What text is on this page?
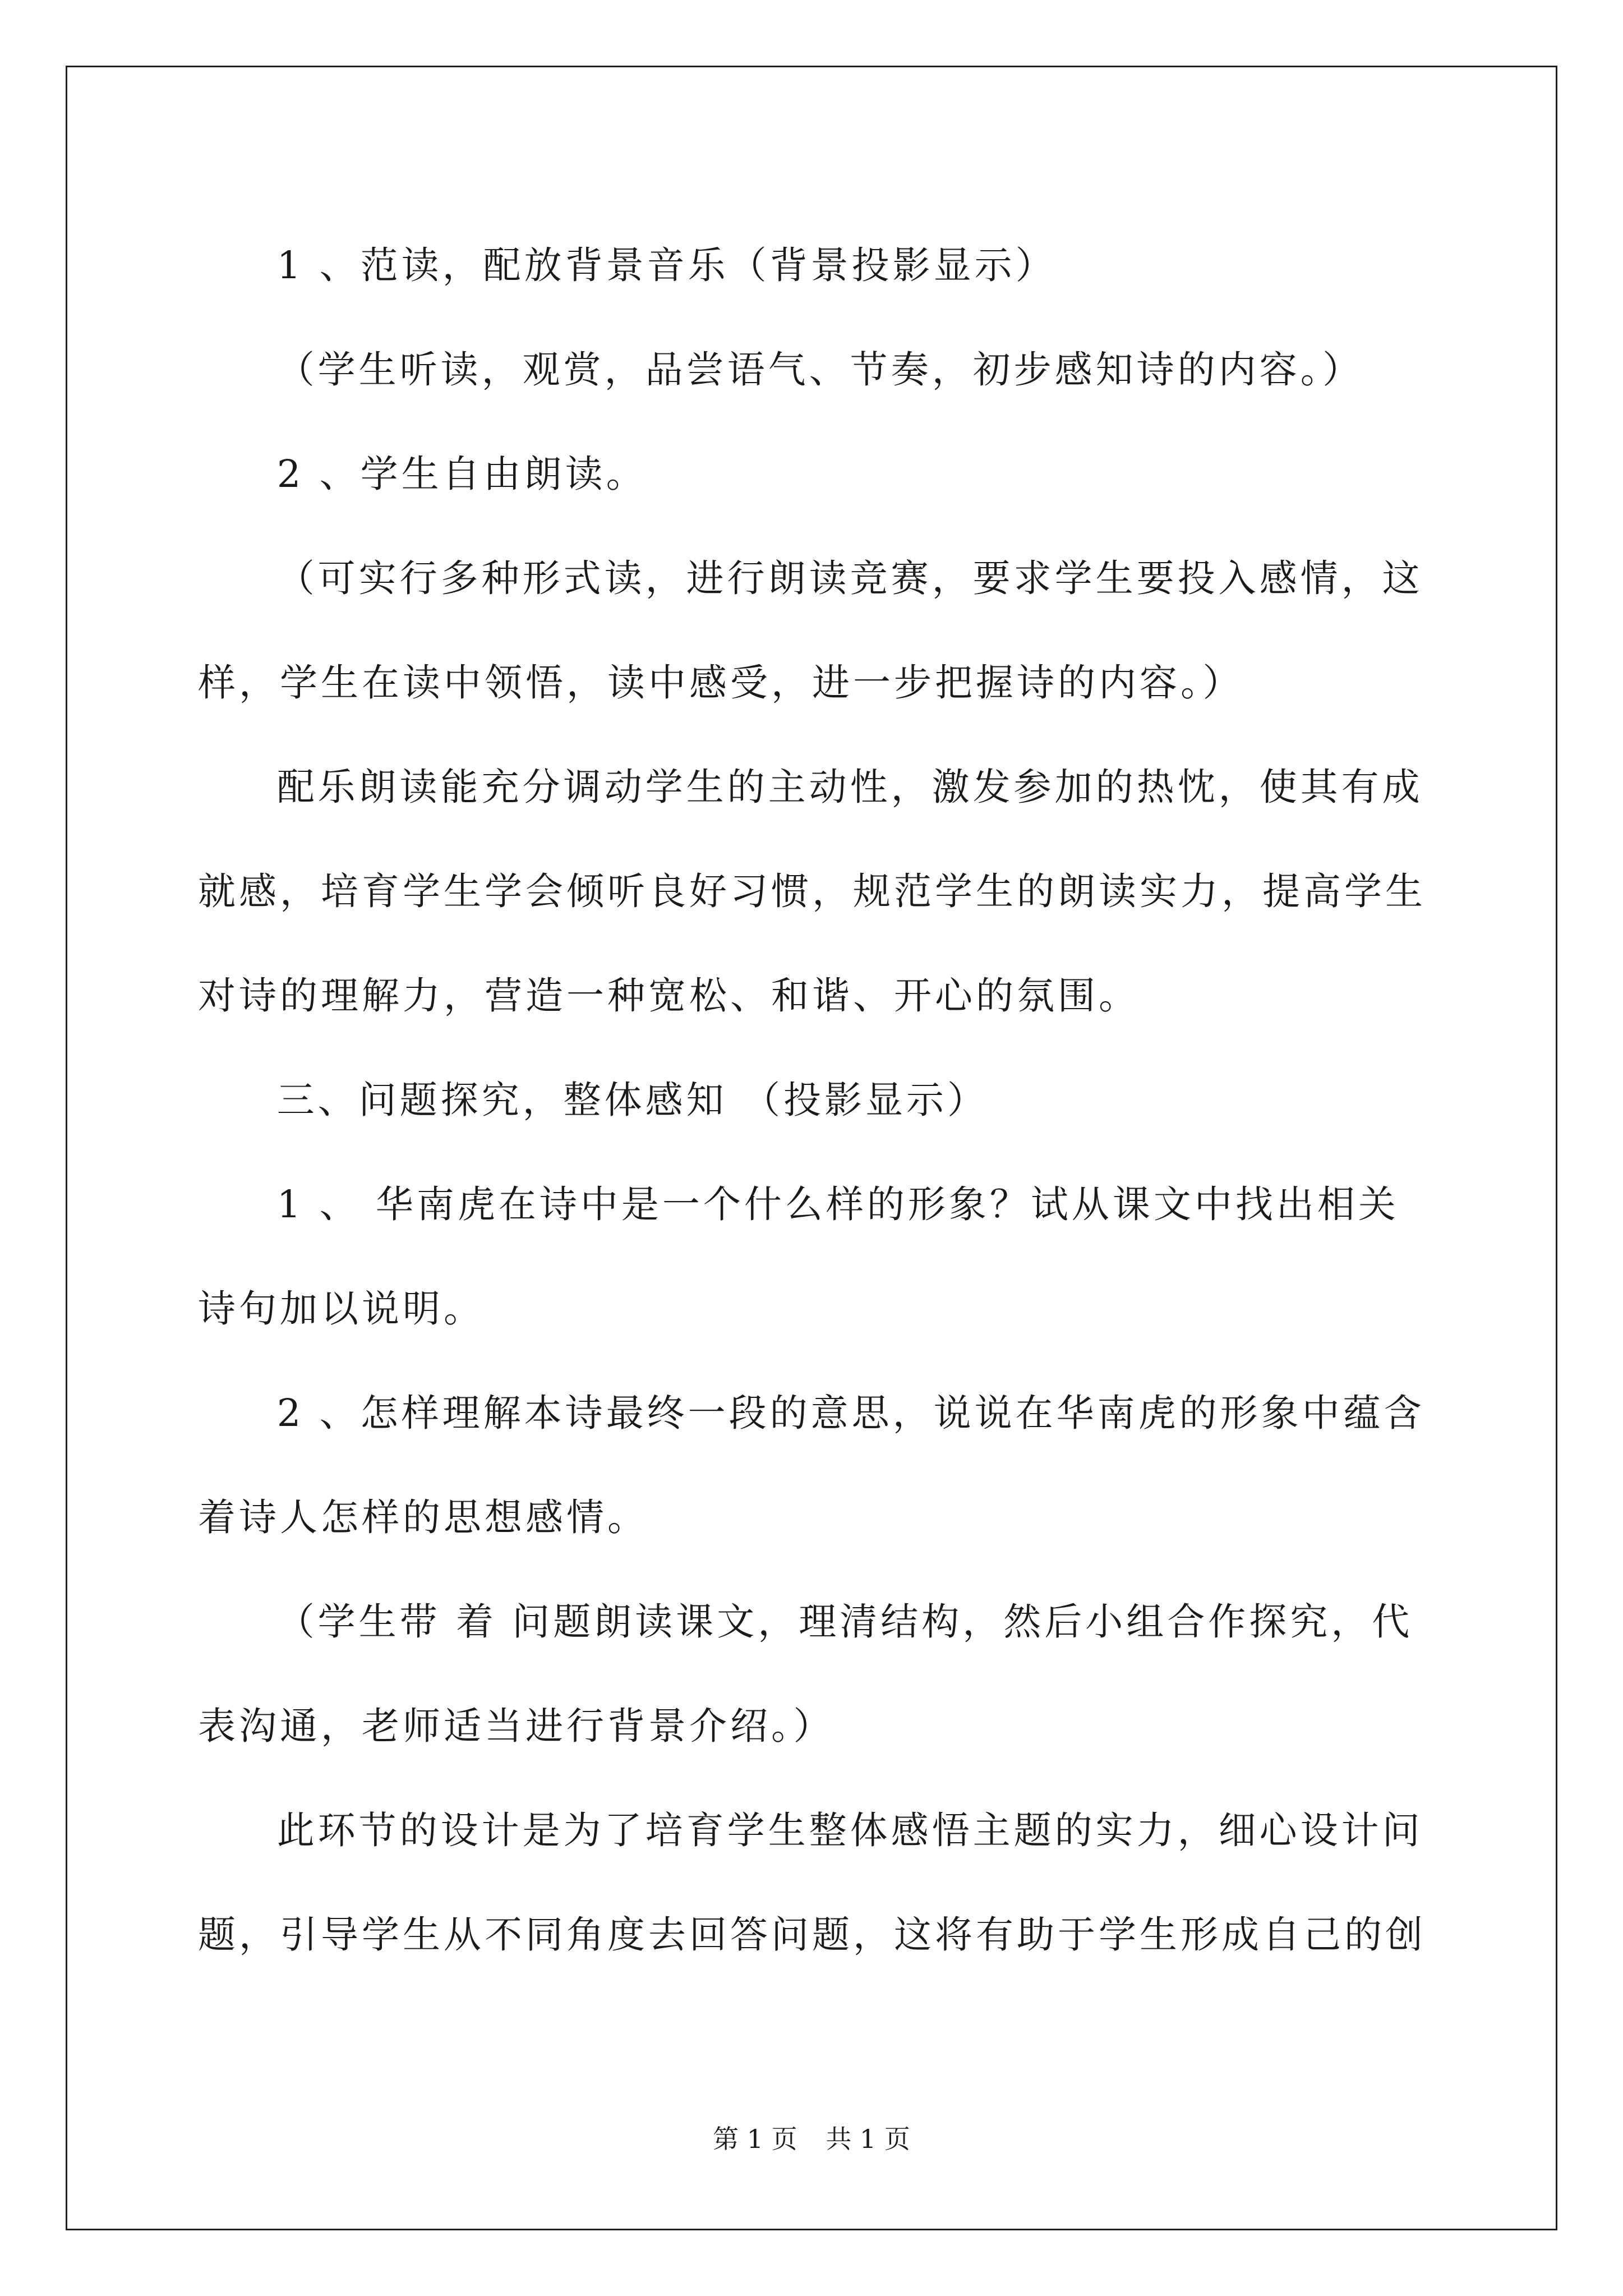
1 、范读，配放背景音乐（背景投影显示）

（学生听读，观赏，品尝语气、节奏，初步感知诗的内容。）

2 、学生自由朗读。

（可实行多种形式读，进行朗读竞赛，要求学生要投入感情，这样，学生在读中领悟，读中感受，进一步把握诗的内容。）

配乐朗读能充分调动学生的主动性，激发参加的热忱，使其有成就感，培育学生学会倾听良好习惯，规范学生的朗读实力，提高学生对诗的理解力，营造一种宽松、和谐、开心的氛围。

三、问题探究，整体感知 （投影显示）

1 、 华南虎在诗中是一个什么样的形象？试从课文中找出相关诗句加以说明。

2 、怎样理解本诗最终一段的意思，说说在华南虎的形象中蕴含着诗人怎样的思想感情。

（学生带 着 问题朗读课文，理清结构，然后小组合作探究，代表沟通，老师适当进行背景介绍。）

此环节的设计是为了培育学生整体感悟主题的实力，细心设计问题，引导学生从不同角度去回答问题，这将有助于学生形成自己的创

第 1 页 共 1 页
